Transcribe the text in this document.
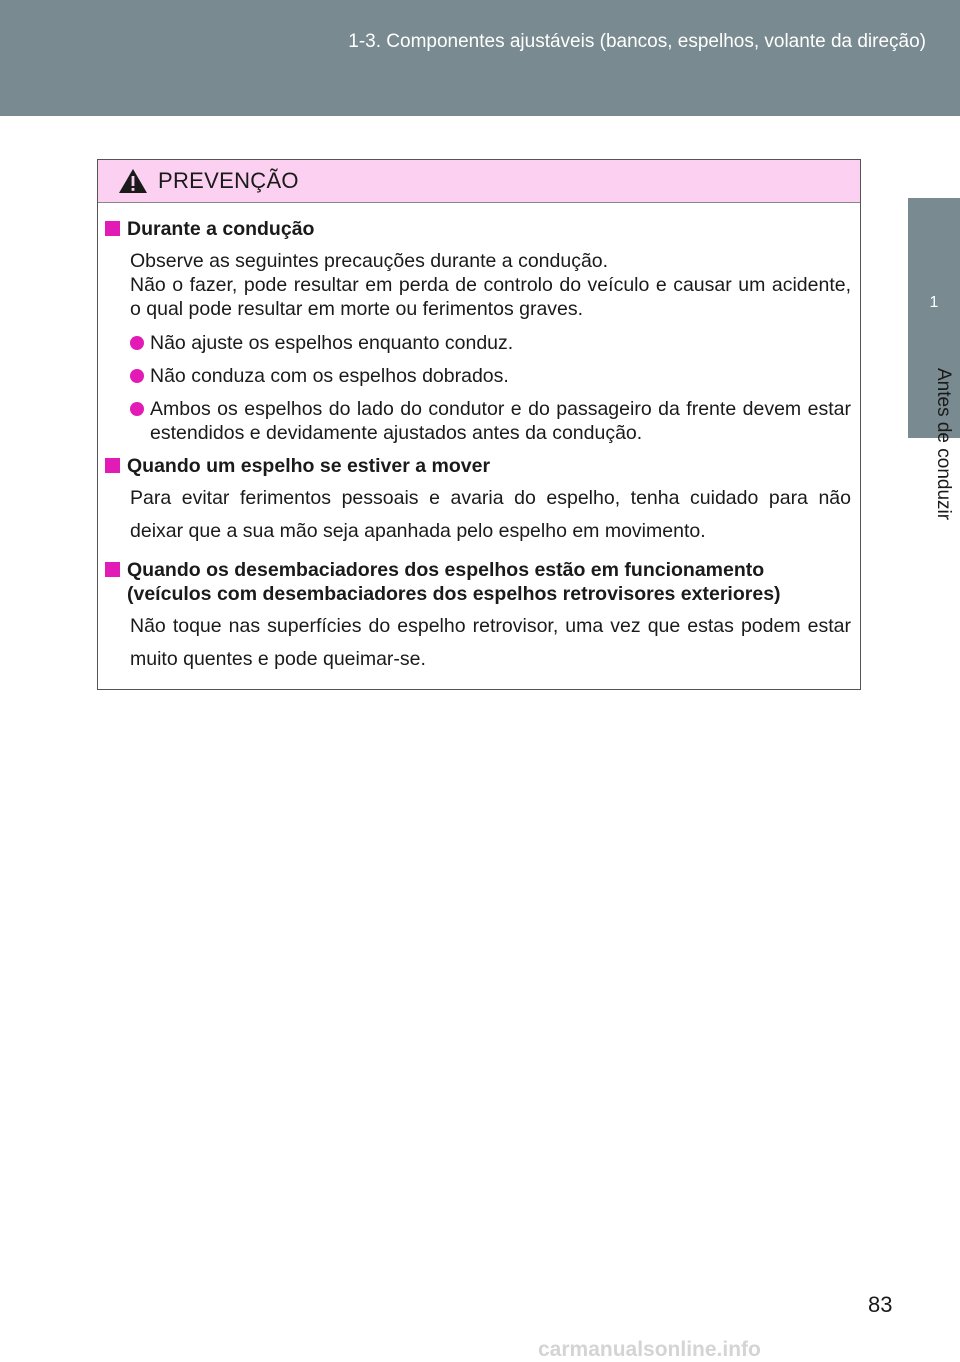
1-3. Componentes ajustáveis (bancos, espelhos, volante da direção)
1
Antes de conduzir
PREVENÇÃO
Durante a condução
Observe as seguintes precauções durante a condução.
Não o fazer, pode resultar em perda de controlo do veículo e causar um acidente, o qual pode resultar em morte ou ferimentos graves.
Não ajuste os espelhos enquanto conduz.
Não conduza com os espelhos dobrados.
Ambos os espelhos do lado do condutor e do passageiro da frente devem estar estendidos e devidamente ajustados antes da condução.
Quando um espelho se estiver a mover
Para evitar ferimentos pessoais e avaria do espelho, tenha cuidado para não deixar que a sua mão seja apanhada pelo espelho em movimento.
Quando os desembaciadores dos espelhos estão em funcionamento (veículos com desembaciadores dos espelhos retrovisores exteriores)
Não toque nas superfícies do espelho retrovisor, uma vez que estas podem estar muito quentes e pode queimar-se.
83
carmanualsonline.info
